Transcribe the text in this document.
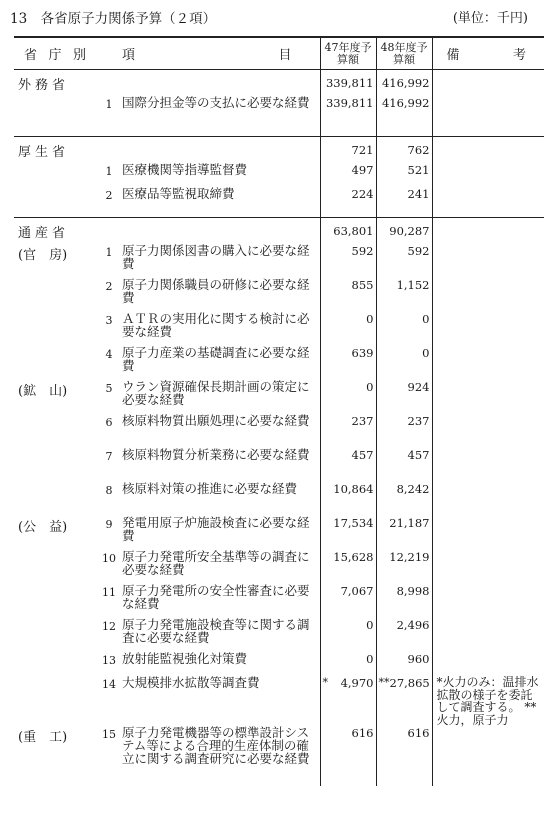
13　各省原子力関係予算（２項）	(単位：千円)
省 庁 別	項 目		47年度予算額	48年度予算額	備 考

外務省			339,811	416,992	
	1	国際分担金等の支払に必要な経費	339,811	416,992	

厚生省			721	762	
	1	医療機関等指導監督費	497	521	
	2	医療品等監視取締費	224	241	

通産省			63,801	90,287	
(官　房)	1	原子力関係図書の購入に必要な経費	592	592	
	2	原子力関係職員の研修に必要な経費	855	1,152	
	3	ＡＴＲの実用化に関する検討に必要な経費	0	0	
	4	原子力産業の基礎調査に必要な経費	639	0	
(鉱　山)	5	ウラン資源確保長期計画の策定に必要な経費	0	924	
	6	核原料物質出願処理に必要な経費	237	237	
	7	核原料物質分析業務に必要な経費	457	457	
	8	核原料対策の推進に必要な経費	10,864	8,242	
(公　益)	9	発電用原子炉施設検査に必要な経費	17,534	21,187	
	10	原子力発電所安全基準等の調査に必要な経費	15,628	12,219	
	11	原子力発電所の安全性審査に必要な経費	7,067	8,998	
	12	原子力発電施設検査等に関する調査に必要な経費	0	2,496	
	13	放射能監視強化対策費	0	960	
	14	大規模排水拡散等調査費	* 4,970	** 27,865	*火力のみ：温排水拡散の様子を委託して調査する。 **火力，原子力
(重　工)	15	原子力発電機器等の標準設計システム等による合理的生産体制の確立に関する調査研究に必要な経費	616	616	
